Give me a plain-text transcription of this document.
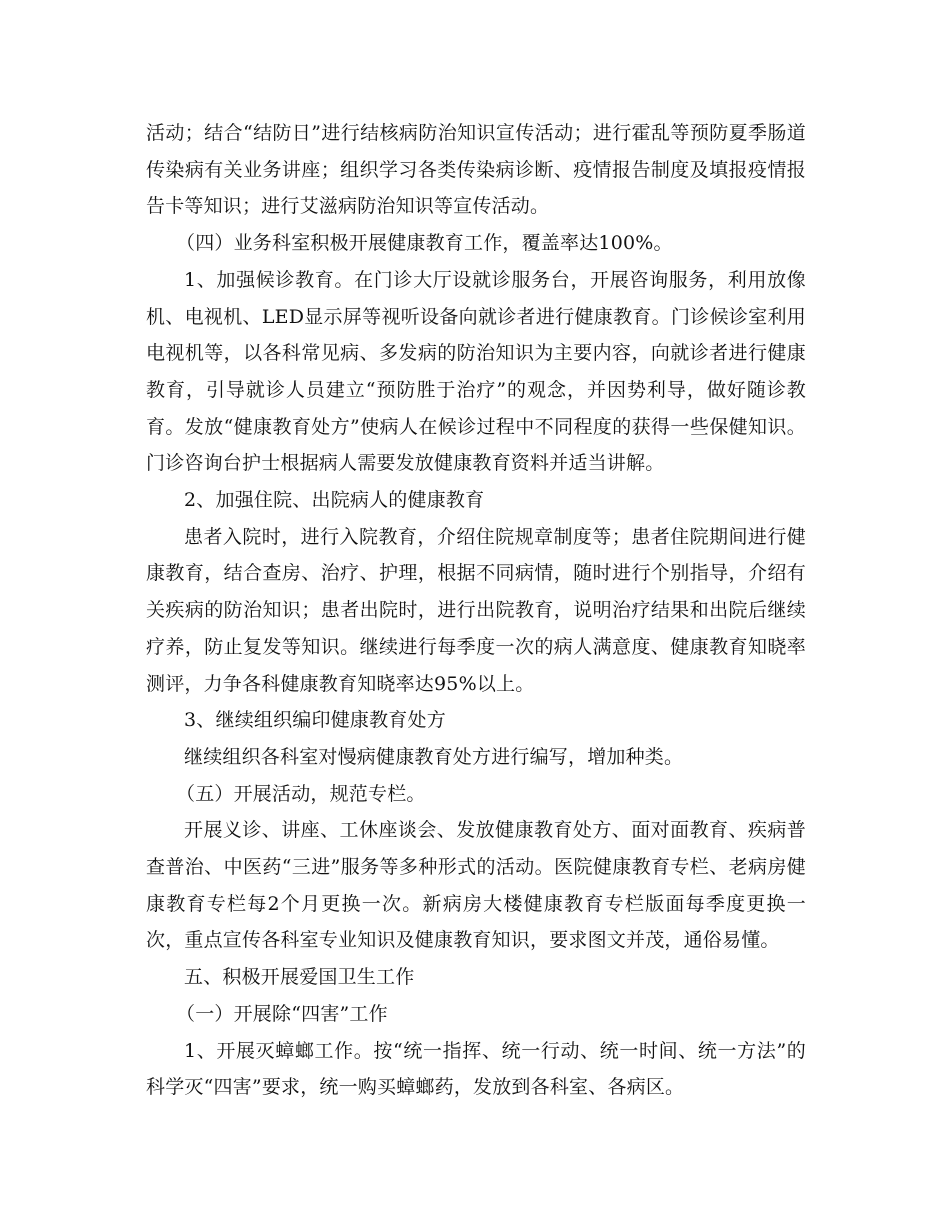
活动；结合“结防日”进行结核病防治知识宣传活动；进行霍乱等预防夏季肠道传染病有关业务讲座；组织学习各类传染病诊断、疫情报告制度及填报疫情报告卡等知识；进行艾滋病防治知识等宣传活动。

（四）业务科室积极开展健康教育工作，覆盖率达100%。

1、加强候诊教育。在门诊大厅设就诊服务台，开展咨询服务，利用放像机、电视机、LED显示屏等视听设备向就诊者进行健康教育。门诊候诊室利用电视机等，以各科常见病、多发病的防治知识为主要内容，向就诊者进行健康教育，引导就诊人员建立“预防胜于治疗”的观念，并因势利导，做好随诊教育。发放“健康教育处方”使病人在候诊过程中不同程度的获得一些保健知识。门诊咨询台护士根据病人需要发放健康教育资料并适当讲解。

2、加强住院、出院病人的健康教育

患者入院时，进行入院教育，介绍住院规章制度等；患者住院期间进行健康教育，结合查房、治疗、护理，根据不同病情，随时进行个别指导，介绍有关疾病的防治知识；患者出院时，进行出院教育，说明治疗结果和出院后继续疗养，防止复发等知识。继续进行每季度一次的病人满意度、健康教育知晓率测评，力争各科健康教育知晓率达95%以上。

3、继续组织编印健康教育处方

继续组织各科室对慢病健康教育处方进行编写，增加种类。

（五）开展活动，规范专栏。

开展义诊、讲座、工休座谈会、发放健康教育处方、面对面教育、疾病普查普治、中医药“三进”服务等多种形式的活动。医院健康教育专栏、老病房健康教育专栏每2个月更换一次。新病房大楼健康教育专栏版面每季度更换一次，重点宣传各科室专业知识及健康教育知识，要求图文并茂，通俗易懂。

五、积极开展爱国卫生工作

（一）开展除“四害”工作

1、开展灭蟑螂工作。按“统一指挥、统一行动、统一时间、统一方法”的科学灭“四害”要求，统一购买蟑螂药，发放到各科室、各病区。
